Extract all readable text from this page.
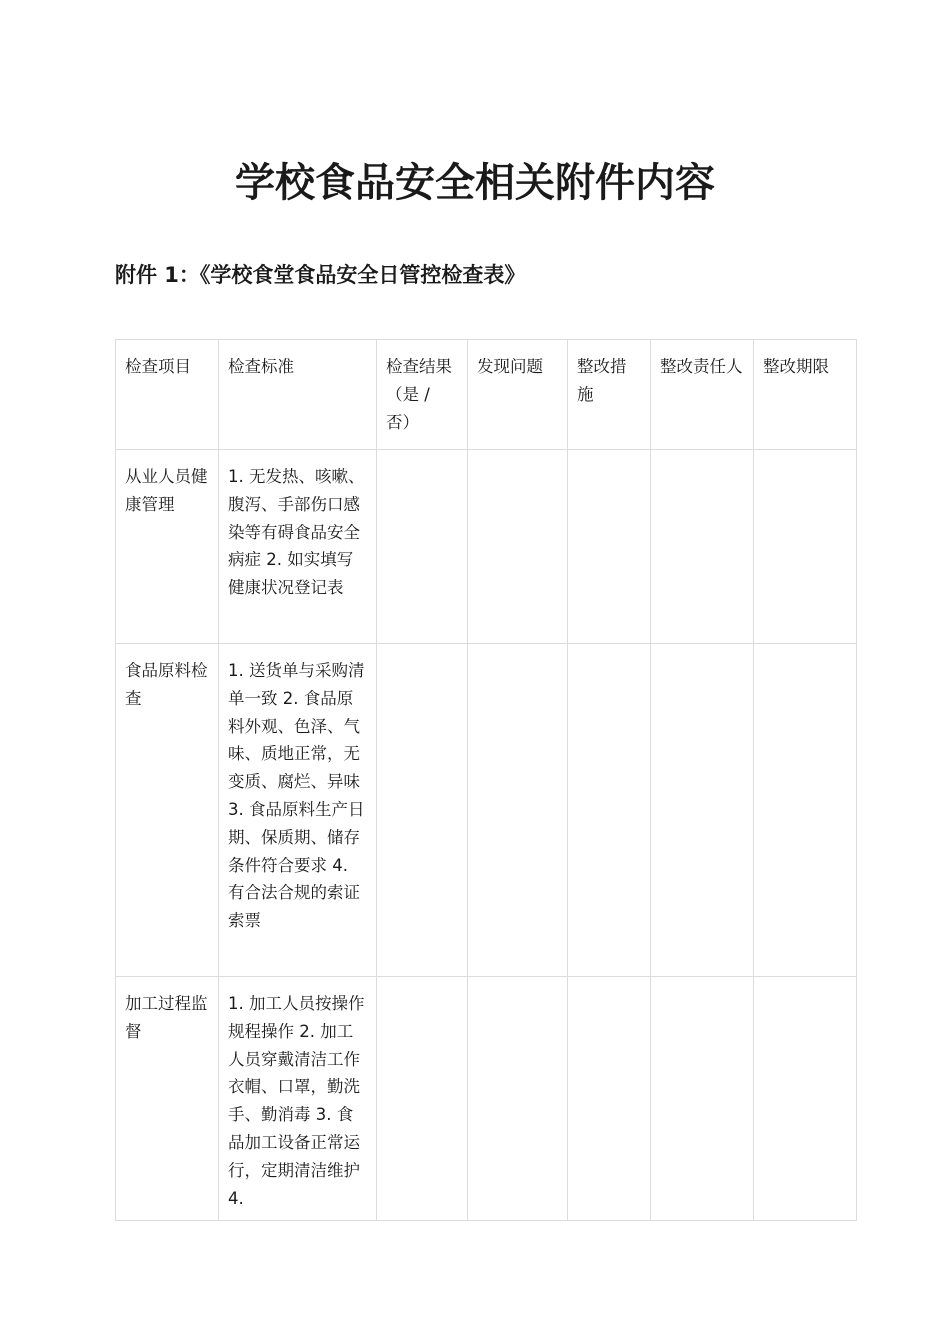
学校食品安全相关附件内容
附件 1：《学校食堂食品安全日管控检查表》
检查项目	检查标准	检查结果（是 / 否）	发现问题	整改措施	整改责任人	整改期限
从业人员健康管理	1. 无发热、咳嗽、腹泻、手部伤口感染等有碍食品安全病症 2. 如实填写健康状况登记表					
食品原料检查	1. 送货单与采购清单一致 2. 食品原料外观、色泽、气味、质地正常，无变质、腐烂、异味 3. 食品原料生产日期、保质期、储存条件符合要求 4. 有合法合规的索证索票					
加工过程监督	1. 加工人员按操作规程操作 2. 加工人员穿戴清洁工作衣帽、口罩，勤洗手、勤消毒 3. 食品加工设备正常运行，定期清洁维护 4.					
